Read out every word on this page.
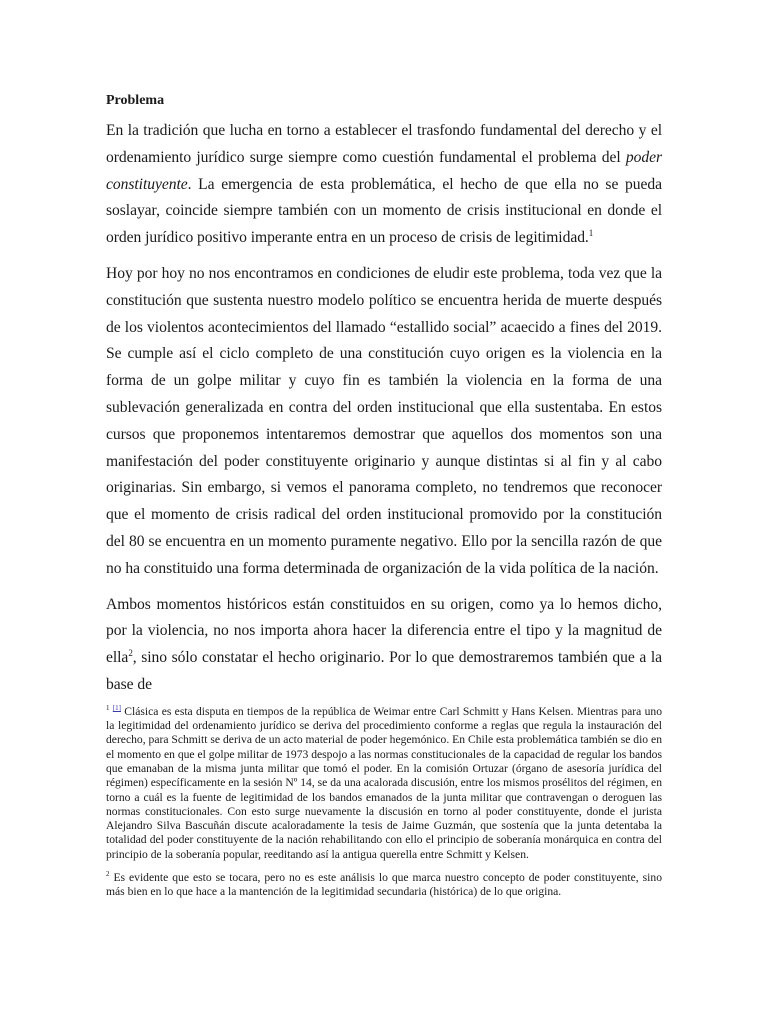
Problema

En la tradición que lucha en torno a establecer el trasfondo fundamental del derecho y el ordenamiento jurídico surge siempre como cuestión fundamental el problema del poder constituyente. La emergencia de esta problemática, el hecho de que ella no se pueda soslayar, coincide siempre también con un momento de crisis institucional en donde el orden jurídico positivo imperante entra en un proceso de crisis de legitimidad.$^1$

Hoy por hoy no nos encontramos en condiciones de eludir este problema, toda vez que la constitución que sustenta nuestro modelo político se encuentra herida de muerte después de los violentos acontecimientos del llamado “estallido social” acaecido a fines del 2019. Se cumple así el ciclo completo de una constitución cuyo origen es la violencia en la forma de un golpe militar y cuyo fin es también la violencia en la forma de una sublevación generalizada en contra del orden institucional que ella sustentaba. En estos cursos que proponemos intentaremos demostrar que aquellos dos momentos son una manifestación del poder constituyente originario y aunque distintas si al fin y al cabo originarias. Sin embargo, si vemos el panorama completo, no tendremos que reconocer que el momento de crisis radical del orden institucional promovido por la constitución del 80 se encuentra en un momento puramente negativo. Ello por la sencilla razón de que no ha constituido una forma determinada de organización de la vida política de la nación.

Ambos momentos históricos están constituidos en su origen, como ya lo hemos dicho, por la violencia, no nos importa ahora hacer la diferencia entre el tipo y la magnitud de ella$^2$, sino sólo constatar el hecho originario. Por lo que demostraremos también que a la base de

$^1$ [1] Clásica es esta disputa en tiempos de la república de Weimar entre Carl Schmitt y Hans Kelsen. Mientras para uno la legitimidad del ordenamiento jurídico se deriva del procedimiento conforme a reglas que regula la instauración del derecho, para Schmitt se deriva de un acto material de poder hegemónico. En Chile esta problemática también se dio en el momento en que el golpe militar de 1973 despojo a las normas constitucionales de la capacidad de regular los bandos que emanaban de la misma junta militar que tomó el poder. En la comisión Ortuzar (órgano de asesoría jurídica del régimen) específicamente en la sesión Nº 14, se da una acalorada discusión, entre los mismos prosélitos del régimen, en torno a cuál es la fuente de legitimidad de los bandos emanados de la junta militar que contravengan o deroguen las normas constitucionales. Con esto surge nuevamente la discusión en torno al poder constituyente, donde el jurista Alejandro Silva Bascuñán discute acaloradamente la tesis de Jaime Guzmán, que sostenía que la junta detentaba la totalidad del poder constituyente de la nación rehabilitando con ello el principio de soberanía monárquica en contra del principio de la soberanía popular, reeditando así la antigua querella entre Schmitt y Kelsen.

$^2$ Es evidente que esto se tocara, pero no es este análisis lo que marca nuestro concepto de poder constituyente, sino más bien en lo que hace a la mantención de la legitimidad secundaria (histórica) de lo que origina.
